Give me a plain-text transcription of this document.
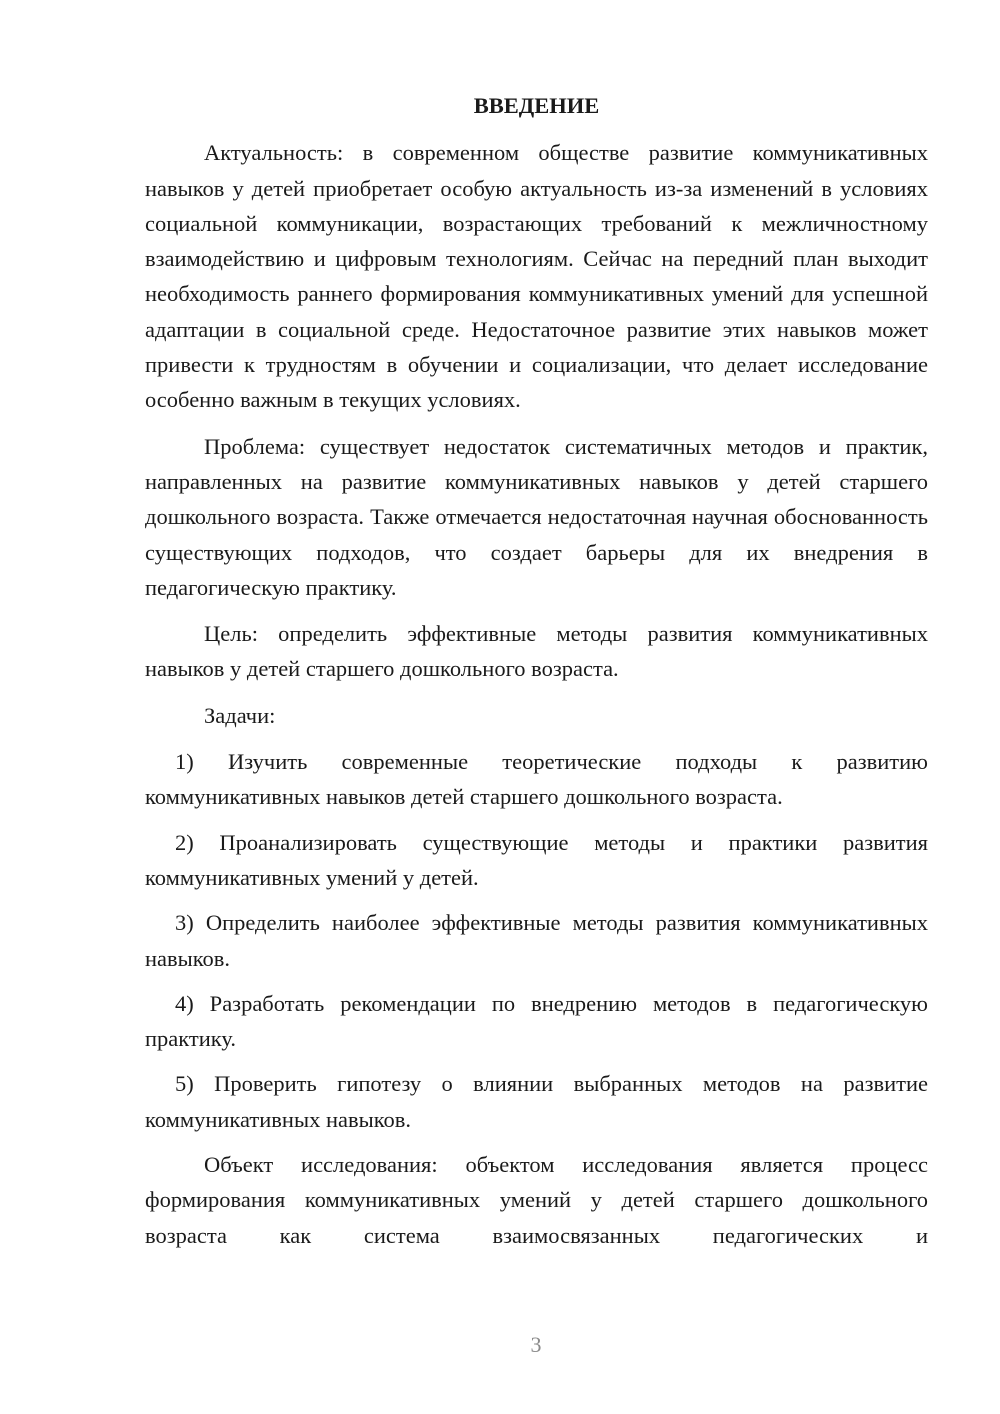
ВВЕДЕНИЕ

Актуальность: в современном обществе развитие коммуникативных навыков у детей приобретает особую актуальность из-за изменений в условиях социальной коммуникации, возрастающих требований к межличностному взаимодействию и цифровым технологиям. Сейчас на передний план выходит необходимость раннего формирования коммуникативных умений для успешной адаптации в социальной среде. Недостаточное развитие этих навыков может привести к трудностям в обучении и социализации, что делает исследование особенно важным в текущих условиях.

Проблема: существует недостаток систематичных методов и практик, направленных на развитие коммуникативных навыков у детей старшего дошкольного возраста. Также отмечается недостаточная научная обоснованность существующих подходов, что создает барьеры для их внедрения в педагогическую практику.

Цель: определить эффективные методы развития коммуникативных навыков у детей старшего дошкольного возраста.

Задачи:

1) Изучить современные теоретические подходы к развитию коммуникативных навыков детей старшего дошкольного возраста.

2) Проанализировать существующие методы и практики развития коммуникативных умений у детей.

3) Определить наиболее эффективные методы развития коммуникативных навыков.

4) Разработать рекомендации по внедрению методов в педагогическую практику.

5) Проверить гипотезу о влиянии выбранных методов на развитие коммуникативных навыков.

Объект исследования: объектом исследования является процесс формирования коммуникативных умений у детей старшего дошкольного возраста как система взаимосвязанных педагогических и

3
